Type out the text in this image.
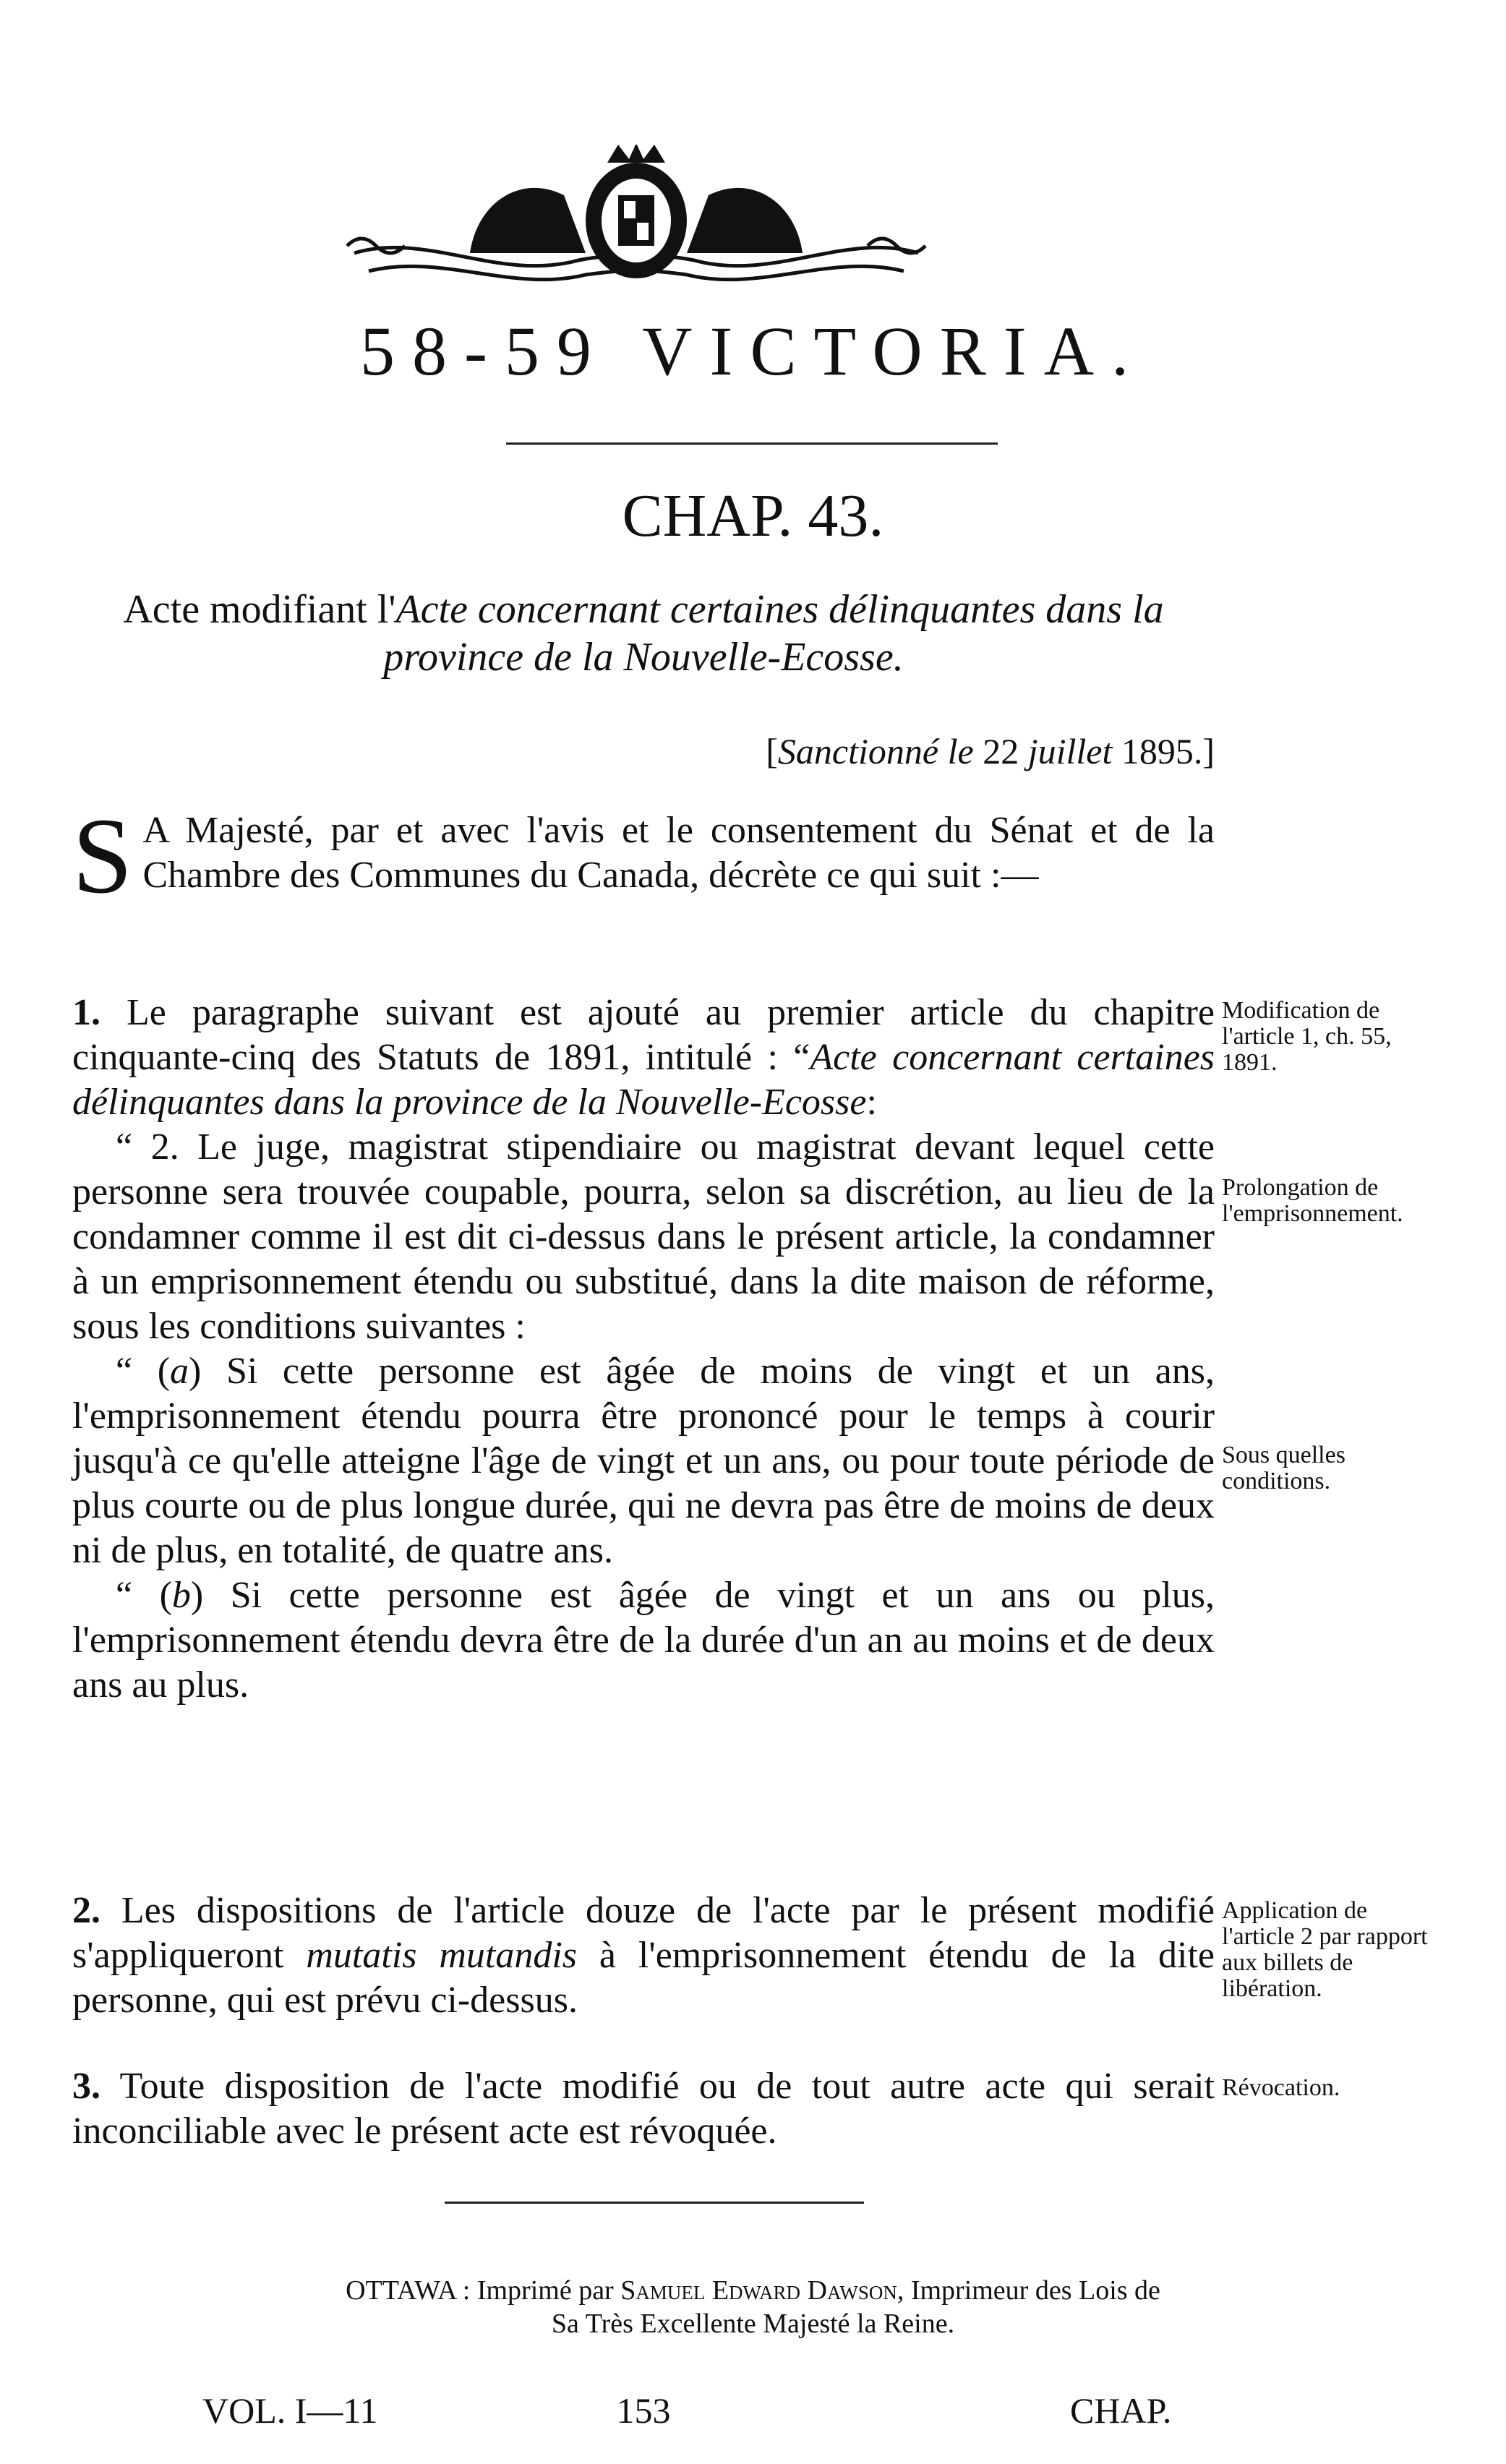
58-59 VICTORIA.
CHAP. 43.
Acte modifiant l'Acte concernant certaines délinquantes dans la province de la Nouvelle-Ecosse.
[Sanctionné le 22 juillet 1895.]
S A Majesté, par et avec l'avis et le consentement du Sénat et de la Chambre des Communes du Canada, décrète ce qui suit :—
1. Le paragraphe suivant est ajouté au premier article du chapitre cinquante-cinq des Statuts de 1891, intitulé : “Acte concernant certaines délinquantes dans la province de la Nouvelle-Ecosse:
“ 2. Le juge, magistrat stipendiaire ou magistrat devant lequel cette personne sera trouvée coupable, pourra, selon sa discrétion, au lieu de la condamner comme il est dit ci-dessus dans le présent article, la condamner à un emprisonnement étendu ou substitué, dans la dite maison de réforme, sous les conditions suivantes :
“ (a) Si cette personne est âgée de moins de vingt et un ans, l'emprisonnement étendu pourra être prononcé pour le temps à courir jusqu'à ce qu'elle atteigne l'âge de vingt et un ans, ou pour toute période de plus courte ou de plus longue durée, qui ne devra pas être de moins de deux ni de plus, en totalité, de quatre ans.
“ (b) Si cette personne est âgée de vingt et un ans ou plus, l'emprisonnement étendu devra être de la durée d'un an au moins et de deux ans au plus.
2. Les dispositions de l'article douze de l'acte par le présent modifié s'appliqueront mutatis mutandis à l'emprisonnement étendu de la dite personne, qui est prévu ci-dessus.
3. Toute disposition de l'acte modifié ou de tout autre acte qui serait inconciliable avec le présent acte est révoquée.
Modification de l'article 1, ch. 55, 1891.
Prolongation de l'emprisonnement.
Sous quelles conditions.
Application de l'article 2 par rapport aux billets de libération.
Révocation.
OTTAWA : Imprimé par Samuel Edward Dawson, Imprimeur des Lois de
Sa Très Excellente Majesté la Reine.
VOL. I—11	153	CHAP.
